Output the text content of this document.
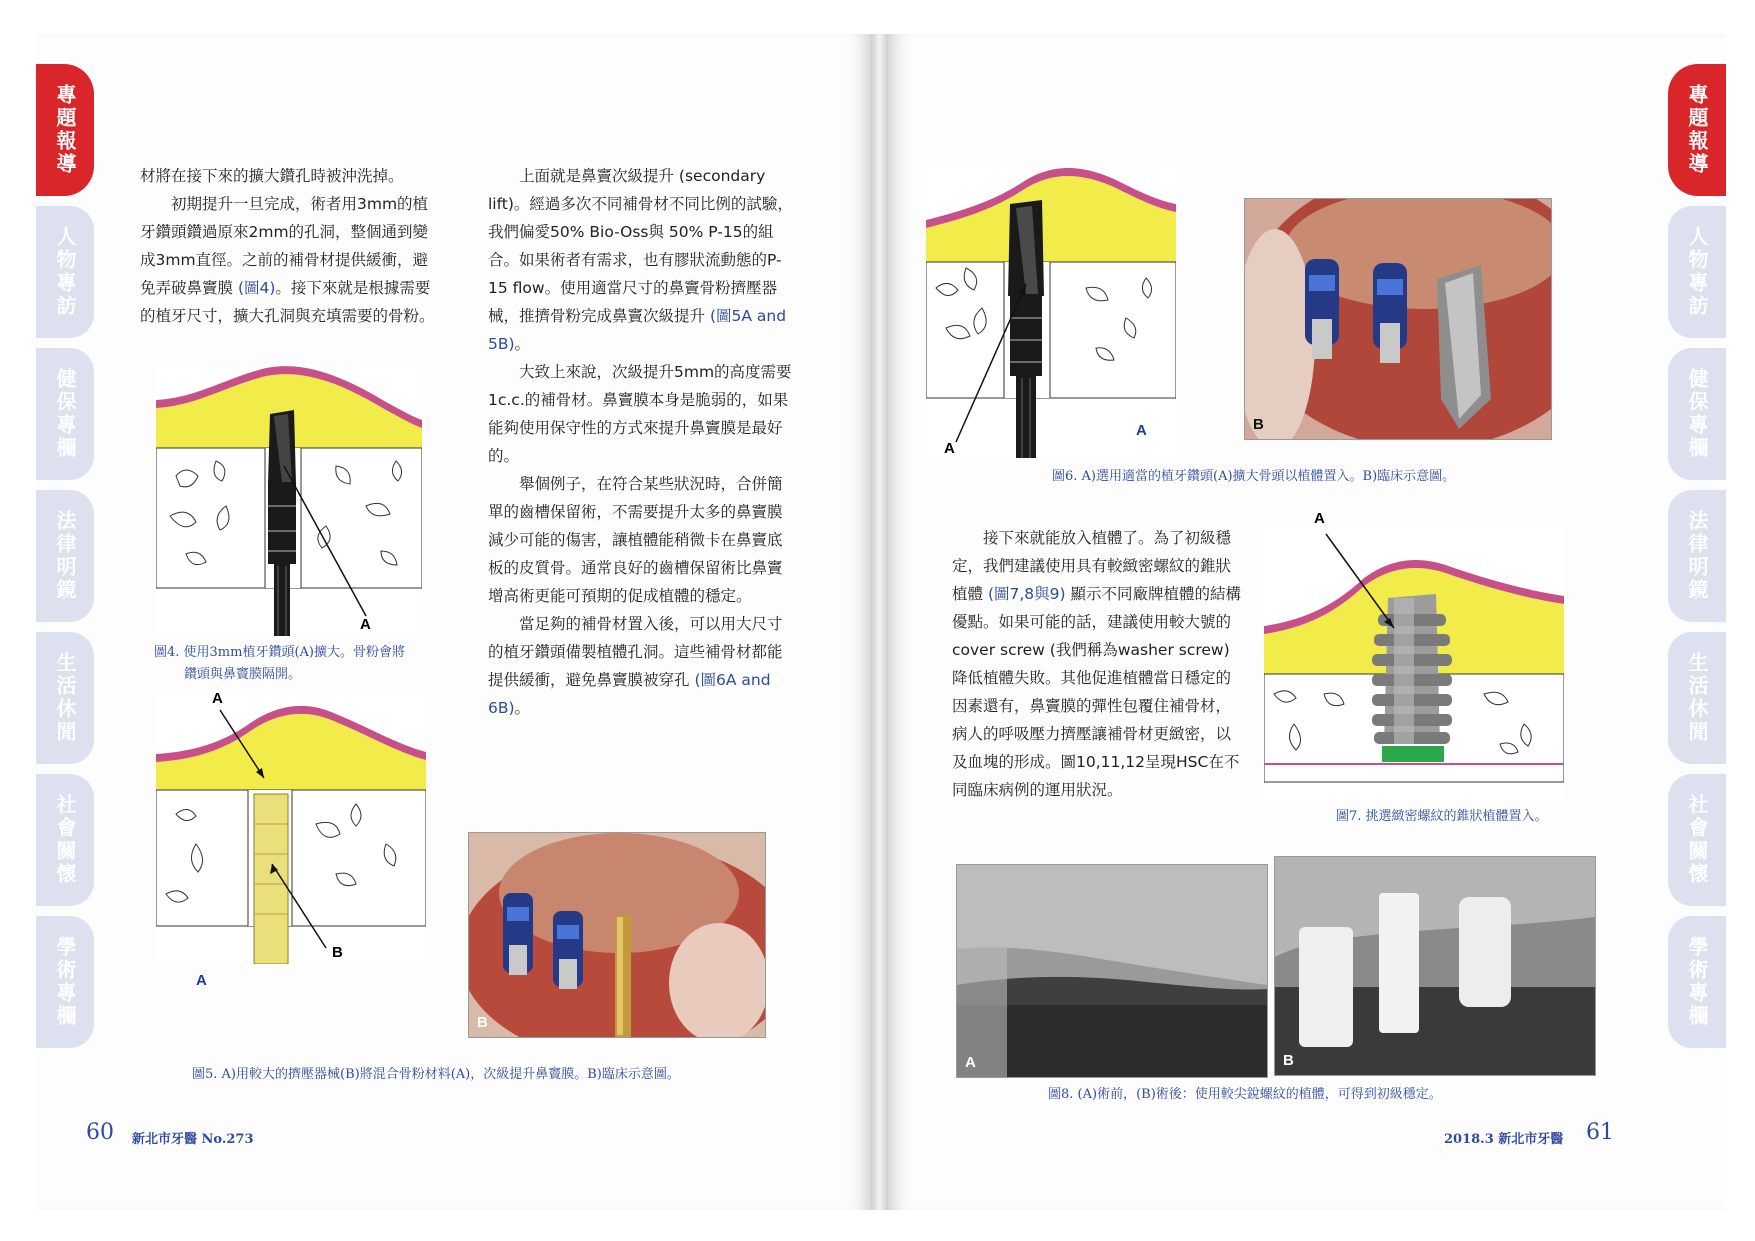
專題報導
人物專訪
健保專欄
法律明鏡
生活休閒
社會關懷
學術專欄

材將在接下來的擴大鑽孔時被沖洗掉。

初期提升一旦完成，術者用3mm的植牙鑽頭鑽過原來2mm的孔洞，整個通到變成3mm直徑。之前的補骨材提供緩衝，避免弄破鼻竇膜 (圖4)。接下來就是根據需要的植牙尺寸，擴大孔洞與充填需要的骨粉。

上面就是鼻竇次級提升 (secondary lift)。經過多次不同補骨材不同比例的試驗，我們偏愛50% Bio-Oss與 50% P-15的組合。如果術者有需求，也有膠狀流動態的P-15 flow。使用適當尺寸的鼻竇骨粉擠壓器械，推擠骨粉完成鼻竇次級提升 (圖5A and 5B)。

大致上來說，次級提升5mm的高度需要1c.c.的補骨材。鼻竇膜本身是脆弱的，如果能夠使用保守性的方式來提升鼻竇膜是最好的。

舉個例子，在符合某些狀況時，合併簡單的齒槽保留術，不需要提升太多的鼻竇膜減少可能的傷害，讓植體能稍微卡在鼻竇底板的皮質骨。通常良好的齒槽保留術比鼻竇增高術更能可預期的促成植體的穩定。

當足夠的補骨材置入後，可以用大尺寸的植牙鑽頭備製植體孔洞。這些補骨材都能提供緩衝，避免鼻竇膜被穿孔 (圖6A and 6B)。

A
圖4. 使用3mm植牙鑽頭(A)擴大。骨粉會將
鑽頭與鼻竇膜隔開。
A
B
A
B
圖5. A)用較大的擠壓器械(B)將混合骨粉材料(A)，次級提升鼻竇膜。B)臨床示意圖。
60 新北市牙醫 No.273
專題報導
人物專訪
健保專欄
法律明鏡
生活休閒
社會關懷
學術專欄
A
A	B
圖6. A)選用適當的植牙鑽頭(A)擴大骨頭以植體置入。B)臨床示意圖。

接下來就能放入植體了。為了初級穩定，我們建議使用具有較緻密螺紋的錐狀植體 (圖7,8與9) 顯示不同廠牌植體的結構優點。如果可能的話，建議使用較大號的cover screw (我們稱為washer screw) 降低植體失敗。其他促進植體當日穩定的因素還有，鼻竇膜的彈性包覆住補骨材，病人的呼吸壓力擠壓讓補骨材更緻密，以及血塊的形成。圖10,11,12呈現HSC在不同臨床病例的運用狀況。

A
圖7. 挑選緻密螺紋的錐狀植體置入。
A	B
圖8. (A)術前，(B)術後：使用較尖銳螺紋的植體，可得到初級穩定。
2018.3 新北市牙醫 61
